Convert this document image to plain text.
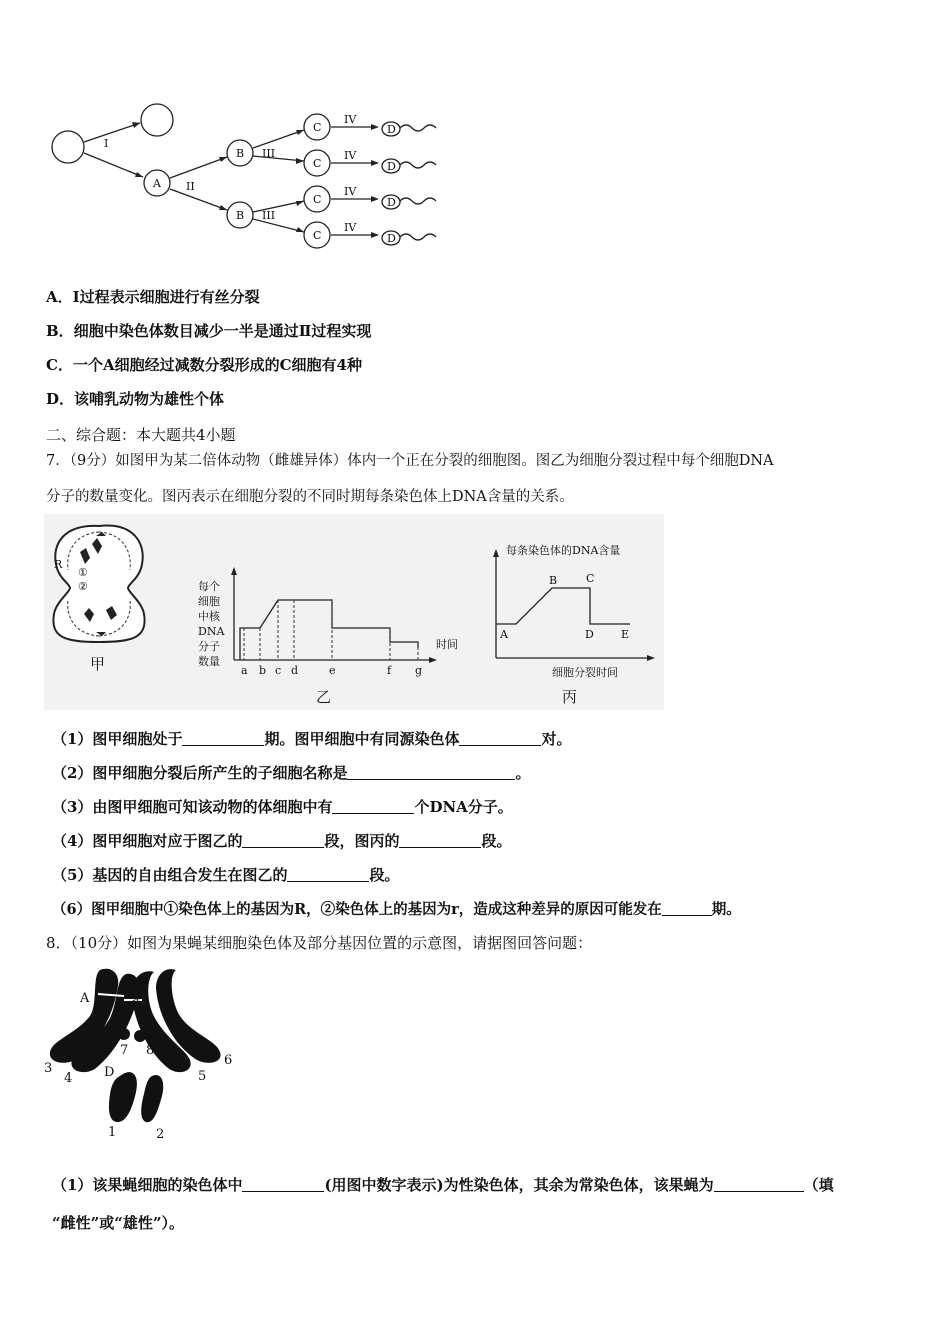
I
II
III
III
IV
IV
IV
IV
A
B
B
C
C
C
C
D
D
D
D
A．Ⅰ过程表示细胞进行有丝分裂
B．细胞中染色体数目减少一半是通过Ⅱ过程实现
C．一个A细胞经过减数分裂形成的C细胞有4种
D．该哺乳动物为雄性个体
二、综合题：本大题共4小题
7．（9分）如图甲为某二倍体动物（雌雄异体）体内一个正在分裂的细胞图。图乙为细胞分裂过程中每个细胞DNA
分子的数量变化。图丙表示在细胞分裂的不同时期每条染色体上DNA含量的关系。
R
①
②
甲
每个
细胞
中核
DNA
分子
数量
时间
a b c d	e	f g
乙
每条染色体的DNA含量
A
B	C
D E
细胞分裂时间
丙
（1）图甲细胞处于	期。图甲细胞中有同源染色体	对。
（2）图甲细胞分裂后所产生的子细胞名称是	。
（3）由图甲细胞可知该动物的体细胞中有	个DNA分子。
（4）图甲细胞对应于图乙的	段，图丙的	段。
（5）基因的自由组合发生在图乙的	段。
（6）图甲细胞中①染色体上的基因为R，②染色体上的基因为r，造成这种差异的原因可能发在	期。
8．（10分）如图为果蝇某细胞染色体及部分基因位置的示意图，请据图回答问题：
A	a
7 8
3
4 D	5
6
1	2
（1）该果蝇细胞的染色体中	(用图中数字表示)为性染色体，其余为常染色体，该果蝇为	（填
“雌性”或“雄性”）。
